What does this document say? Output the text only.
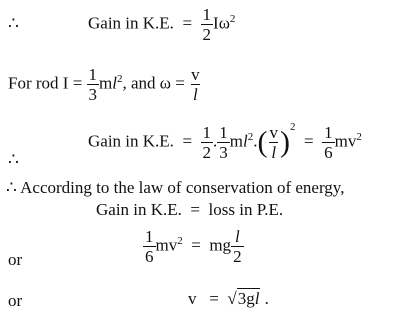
∴	Gain in K.E. = $\frac{1}{2} I\omega^2$
For rod $I = \frac{1}{3} ml^2$, and $\omega = \frac{v}{l}$
∴
Gain in K.E. = $\frac{1}{2}$ . $\frac{1}{3} ml^2.( \frac{v}{l} )^2 = \frac{1}{6} mv^2$
∴ According to the law of conservation of energy,
Gain in K.E.  =  loss in P.E.
or	$\frac{1}{6} mv^2$ = mg $\frac{l}{2}$
or	v = √3gl .
